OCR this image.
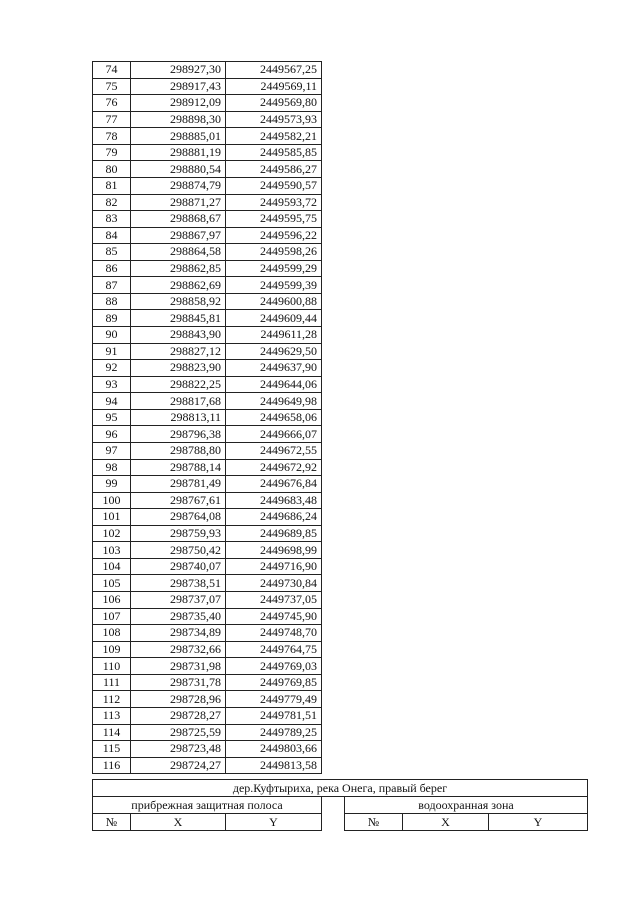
74	298927,30	2449567,25
75	298917,43	2449569,11
76	298912,09	2449569,80
77	298898,30	2449573,93
78	298885,01	2449582,21
79	298881,19	2449585,85
80	298880,54	2449586,27
81	298874,79	2449590,57
82	298871,27	2449593,72
83	298868,67	2449595,75
84	298867,97	2449596,22
85	298864,58	2449598,26
86	298862,85	2449599,29
87	298862,69	2449599,39
88	298858,92	2449600,88
89	298845,81	2449609,44
90	298843,90	2449611,28
91	298827,12	2449629,50
92	298823,90	2449637,90
93	298822,25	2449644,06
94	298817,68	2449649,98
95	298813,11	2449658,06
96	298796,38	2449666,07
97	298788,80	2449672,55
98	298788,14	2449672,92
99	298781,49	2449676,84
100	298767,61	2449683,48
101	298764,08	2449686,24
102	298759,93	2449689,85
103	298750,42	2449698,99
104	298740,07	2449716,90
105	298738,51	2449730,84
106	298737,07	2449737,05
107	298735,40	2449745,90
108	298734,89	2449748,70
109	298732,66	2449764,75
110	298731,98	2449769,03
111	298731,78	2449769,85
112	298728,96	2449779,49
113	298728,27	2449781,51
114	298725,59	2449789,25
115	298723,48	2449803,66
116	298724,27	2449813,58
дер.Куфтыриха, река Онега, правый берег						
прибрежная защитная полоса				водоохранная зона		
№	X	Y		№	X	Y
